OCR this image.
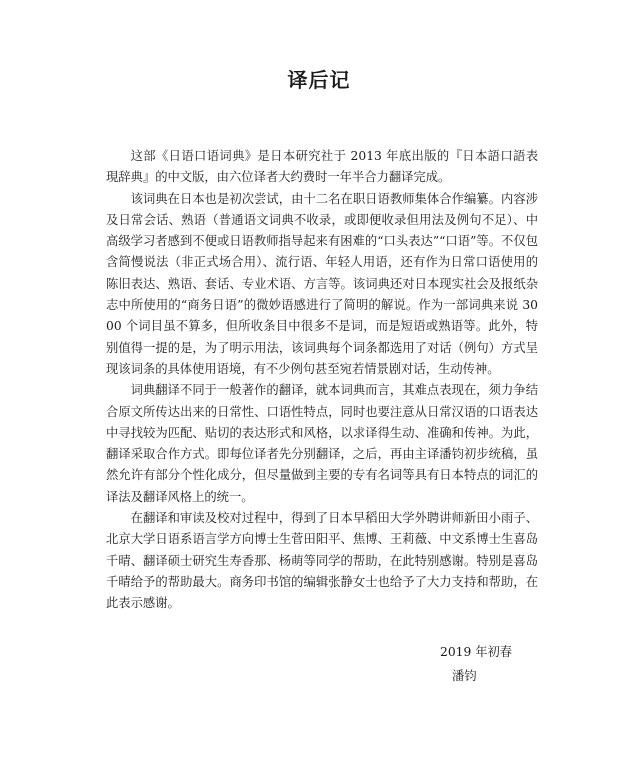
译后记

这部《日语口语词典》是日本研究社于 2013 年底出版的『日本語口語表現辞典』的中文版，由六位译者大约费时一年半合力翻译完成。

该词典在日本也是初次尝试，由十二名在职日语教师集体合作编纂。内容涉及日常会话、熟语（普通语文词典不收录，或即便收录但用法及例句不足）、中高级学习者感到不便或日语教师指导起来有困难的“口头表达”“口语”等。不仅包含简慢说法（非正式场合用）、流行语、年轻人用语，还有作为日常口语使用的陈旧表达、熟语、套话、专业术语、方言等。该词典还对日本现实社会及报纸杂志中所使用的“商务日语”的微妙语感进行了简明的解说。作为一部词典来说 3000 个词目虽不算多，但所收条目中很多不是词，而是短语或熟语等。此外，特别值得一提的是，为了明示用法，该词典每个词条都选用了对话（例句）方式呈现该词条的具体使用语境，有不少例句甚至宛若情景剧对话，生动传神。

词典翻译不同于一般著作的翻译，就本词典而言，其难点表现在，须力争结合原文所传达出来的日常性、口语性特点，同时也要注意从日常汉语的口语表达中寻找较为匹配、贴切的表达形式和风格，以求译得生动、准确和传神。为此，翻译采取合作方式。即每位译者先分别翻译，之后，再由主译潘钧初步统稿，虽然允许有部分个性化成分，但尽量做到主要的专有名词等具有日本特点的词汇的译法及翻译风格上的统一。

在翻译和审读及校对过程中，得到了日本早稻田大学外聘讲师新田小雨子、北京大学日语系语言学方向博士生菅田阳平、焦博、王莉薇、中文系博士生喜岛千晴、翻译硕士研究生寿香那、杨萌等同学的帮助，在此特别感谢。特别是喜岛千晴给予的帮助最大。商务印书馆的编辑张静女士也给予了大力支持和帮助，在此表示感谢。

2019 年初春
潘钧
